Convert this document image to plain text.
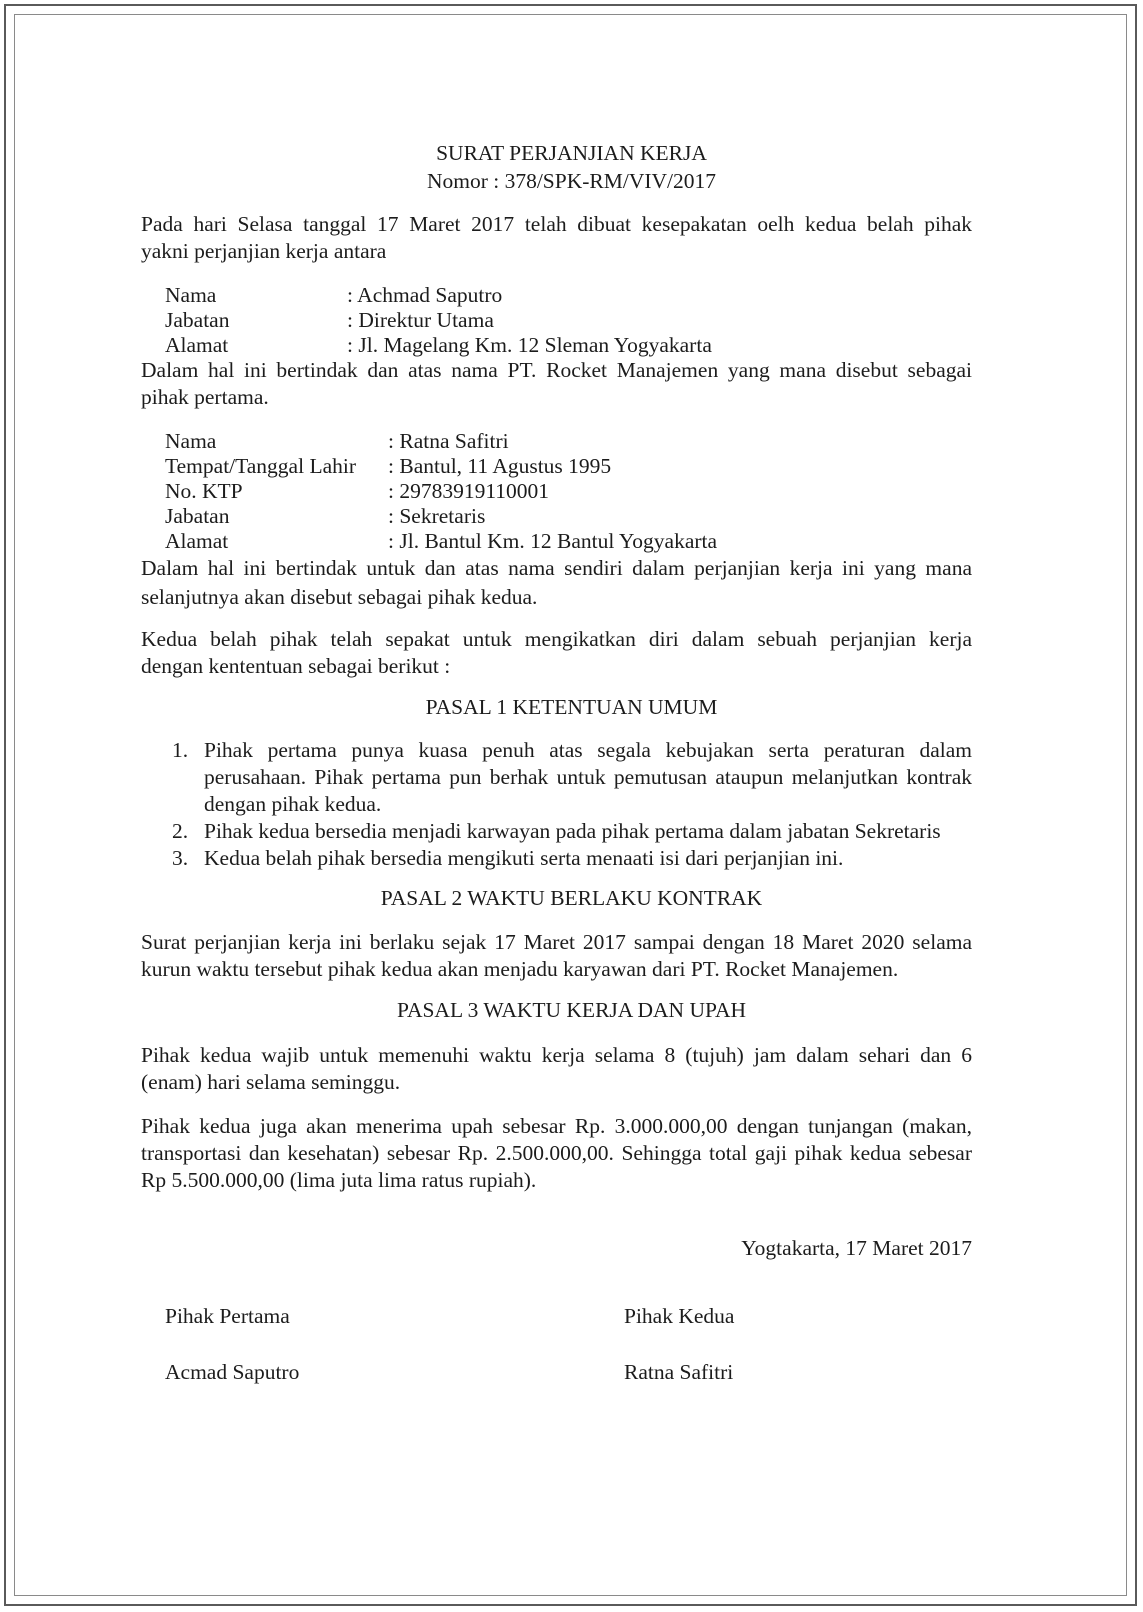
SURAT PERJANJIAN KERJA
Nomor : 378/SPK-RM/VIV/2017
Pada hari Selasa tanggal 17 Maret 2017 telah dibuat kesepakatan oelh kedua belah pihak
yakni perjanjian kerja antara
Nama	: Achmad Saputro
Jabatan	: Direktur Utama
Alamat	: Jl. Magelang Km. 12 Sleman Yogyakarta
Dalam hal ini bertindak dan atas nama PT. Rocket Manajemen yang mana disebut sebagai
pihak pertama.
Nama	: Ratna Safitri
Tempat/Tanggal Lahir : Bantul, 11 Agustus 1995
No. KTP	: 29783919110001
Jabatan	: Sekretaris
Alamat	: Jl. Bantul Km. 12 Bantul Yogyakarta
Dalam hal ini bertindak untuk dan atas nama sendiri dalam perjanjian kerja ini yang mana
selanjutnya akan disebut sebagai pihak kedua.
Kedua belah pihak telah sepakat untuk mengikatkan diri dalam sebuah perjanjian kerja
dengan kententuan sebagai berikut :
PASAL 1 KETENTUAN UMUM
1. Pihak pertama punya kuasa penuh atas segala kebujakan serta peraturan dalam
perusahaan. Pihak pertama pun berhak untuk pemutusan ataupun melanjutkan kontrak
dengan pihak kedua.
2. Pihak kedua bersedia menjadi karwayan pada pihak pertama dalam jabatan Sekretaris
3. Kedua belah pihak bersedia mengikuti serta menaati isi dari perjanjian ini.
PASAL 2 WAKTU BERLAKU KONTRAK
Surat perjanjian kerja ini berlaku sejak 17 Maret 2017 sampai dengan 18 Maret 2020 selama
kurun waktu tersebut pihak kedua akan menjadu karyawan dari PT. Rocket Manajemen.
PASAL 3 WAKTU KERJA DAN UPAH
Pihak kedua wajib untuk memenuhi waktu kerja selama 8 (tujuh) jam dalam sehari dan 6
(enam) hari selama seminggu.
Pihak kedua juga akan menerima upah sebesar Rp. 3.000.000,00 dengan tunjangan (makan,
transportasi dan kesehatan) sebesar Rp. 2.500.000,00. Sehingga total gaji pihak kedua sebesar
Rp 5.500.000,00 (lima juta lima ratus rupiah).
Yogtakarta, 17 Maret 2017
Pihak Pertama	Pihak Kedua
Acmad Saputro	Ratna Safitri
